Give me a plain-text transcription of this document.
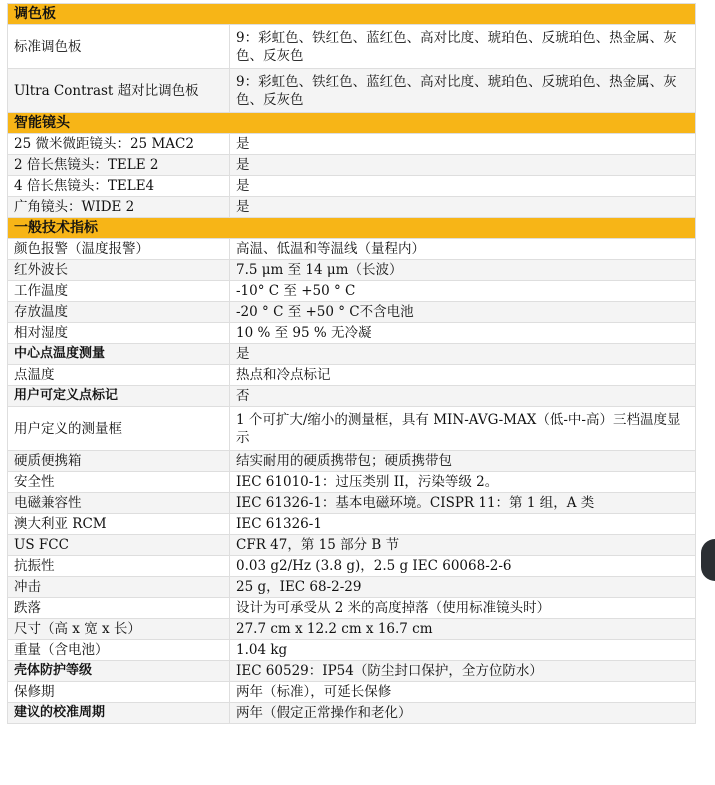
调色板	
标准调色板	9：彩虹色、铁红色、蓝红色、高对比度、琥珀色、反琥珀色、热金属、灰色、反灰色
Ultra Contrast 超对比调色板	9：彩虹色、铁红色、蓝红色、高对比度、琥珀色、反琥珀色、热金属、灰色、反灰色
智能镜头	
25 微米微距镜头：25 MAC2	是
2 倍长焦镜头：TELE 2	是
4 倍长焦镜头：TELE4	是
广角镜头：WIDE 2	是
一般技术指标	
颜色报警（温度报警）	高温、低温和等温线（量程内）
红外波长	7.5 μm 至 14 μm（长波）
工作温度	-10° C 至 +50 ° C
存放温度	-20 ° C 至 +50 ° C不含电池
相对湿度	10 % 至 95 % 无冷凝
中心点温度测量	是
点温度	热点和冷点标记
用户可定义点标记	否
用户定义的测量框	1 个可扩大/缩小的测量框，具有 MIN-AVG-MAX（低-中-高）三档温度显示
硬质便携箱	结实耐用的硬质携带包；硬质携带包
安全性	IEC 61010-1：过压类别 II，污染等级 2。
电磁兼容性	IEC 61326-1：基本电磁环境。CISPR 11：第 1 组，A 类
澳大利亚 RCM	IEC 61326-1
US FCC	CFR 47，第 15 部分 B 节
抗振性	0.03 g2/Hz (3.8 g)，2.5 g IEC 60068-2-6
冲击	25 g，IEC 68-2-29
跌落	设计为可承受从 2 米的高度掉落（使用标准镜头时）
尺寸（高 x 宽 x 长）	27.7 cm x 12.2 cm x 16.7 cm
重量（含电池）	1.04 kg
壳体防护等级	IEC 60529：IP54（防尘封口保护，全方位防水）
保修期	两年（标准），可延长保修
建议的校准周期	两年（假定正常操作和老化）
